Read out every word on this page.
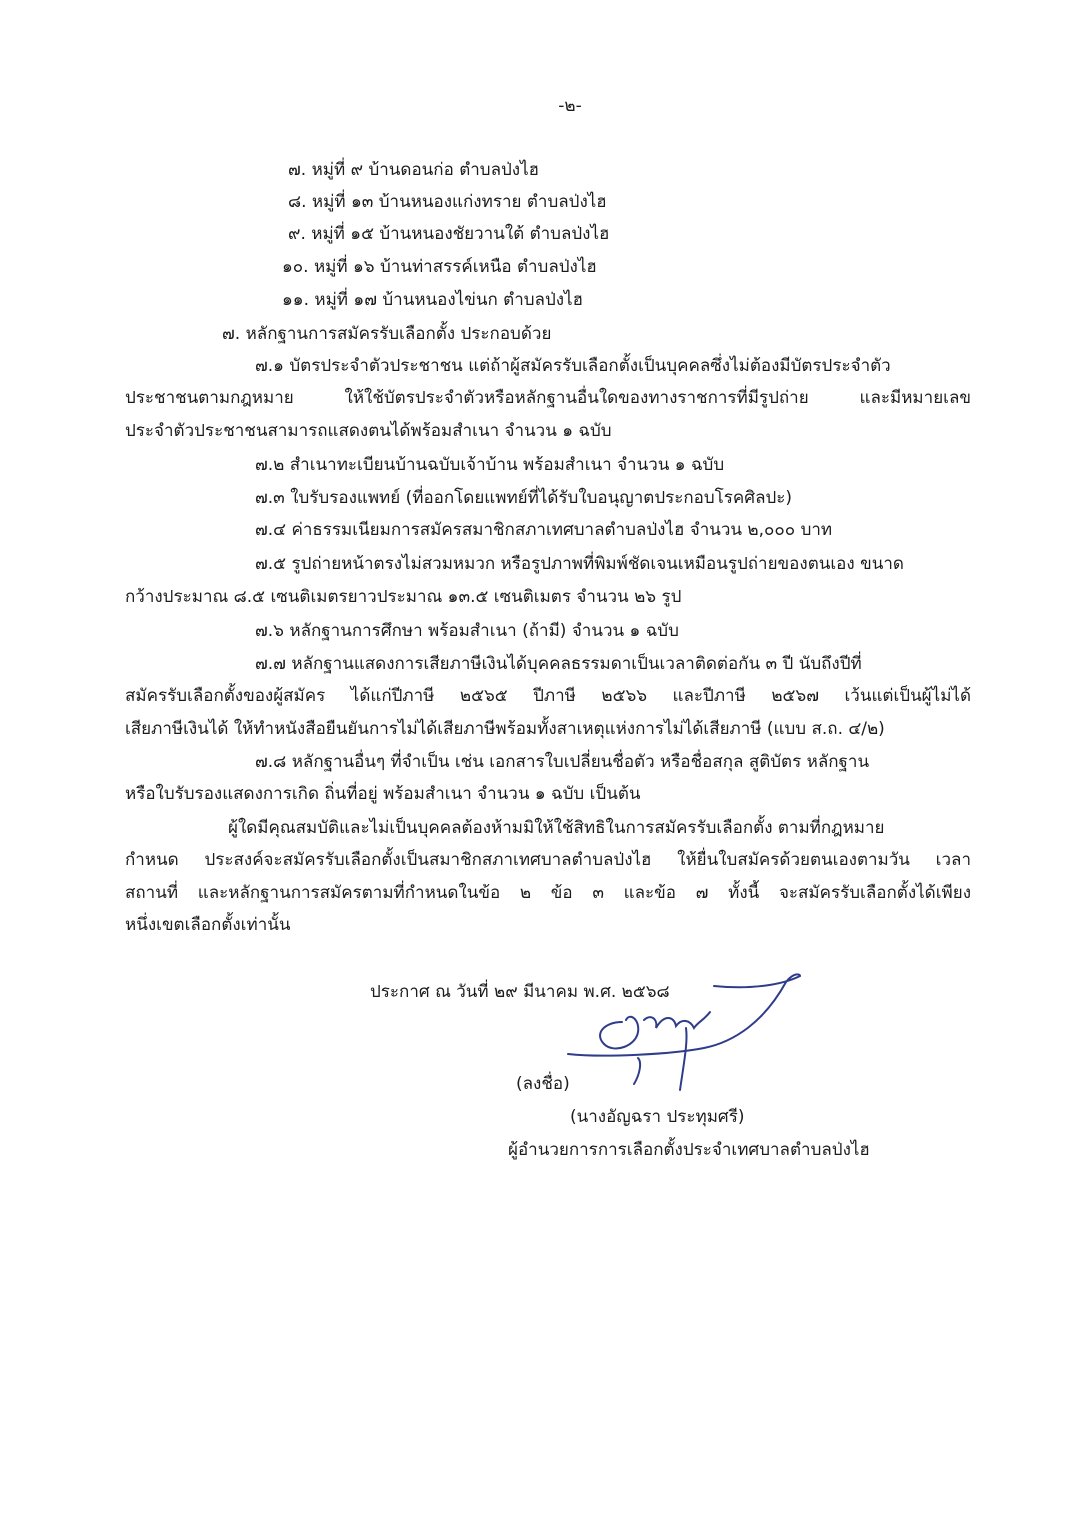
-๒-
๗. หมู่ที่ ๙ บ้านดอนก่อ ตำบลป่งไฮ
๘. หมู่ที่ ๑๓ บ้านหนองแก่งทราย ตำบลป่งไฮ
๙. หมู่ที่ ๑๕ บ้านหนองชัยวานใต้ ตำบลป่งไฮ
๑๐. หมู่ที่ ๑๖ บ้านท่าสรรค์เหนือ ตำบลป่งไฮ
๑๑. หมู่ที่ ๑๗ บ้านหนองไข่นก ตำบลป่งไฮ
๗. หลักฐานการสมัครรับเลือกตั้ง ประกอบด้วย
๗.๑ บัตรประจำตัวประชาชน แต่ถ้าผู้สมัครรับเลือกตั้งเป็นบุคคลซึ่งไม่ต้องมีบัตรประจำตัว
ประชาชนตามกฎหมาย ให้ใช้บัตรประจำตัวหรือหลักฐานอื่นใดของทางราชการที่มีรูปถ่าย และมีหมายเลข
ประจำตัวประชาชนสามารถแสดงตนได้พร้อมสำเนา จำนวน ๑ ฉบับ
๗.๒ สำเนาทะเบียนบ้านฉบับเจ้าบ้าน พร้อมสำเนา จำนวน ๑ ฉบับ
๗.๓ ใบรับรองแพทย์ (ที่ออกโดยแพทย์ที่ได้รับใบอนุญาตประกอบโรคศิลปะ)
๗.๔ ค่าธรรมเนียมการสมัครสมาชิกสภาเทศบาลตำบลป่งไฮ จำนวน ๒,๐๐๐ บาท
๗.๕ รูปถ่ายหน้าตรงไม่สวมหมวก หรือรูปภาพที่พิมพ์ชัดเจนเหมือนรูปถ่ายของตนเอง ขนาด
กว้างประมาณ ๘.๕ เซนติเมตรยาวประมาณ ๑๓.๕ เซนติเมตร จำนวน ๒๖ รูป
๗.๖ หลักฐานการศึกษา พร้อมสำเนา (ถ้ามี) จำนวน ๑ ฉบับ
๗.๗ หลักฐานแสดงการเสียภาษีเงินได้บุคคลธรรมดาเป็นเวลาติดต่อกัน ๓ ปี นับถึงปีที่
สมัครรับเลือกตั้งของผู้สมัคร ได้แก่ปีภาษี ๒๕๖๕ ปีภาษี ๒๕๖๖ และปีภาษี ๒๕๖๗ เว้นแต่เป็นผู้ไม่ได้
เสียภาษีเงินได้ ให้ทำหนังสือยืนยันการไม่ได้เสียภาษีพร้อมทั้งสาเหตุแห่งการไม่ได้เสียภาษี (แบบ ส.ถ. ๔/๒)
๗.๘ หลักฐานอื่นๆ ที่จำเป็น เช่น เอกสารใบเปลี่ยนชื่อตัว หรือชื่อสกุล สูติบัตร หลักฐาน
หรือใบรับรองแสดงการเกิด ถิ่นที่อยู่ พร้อมสำเนา จำนวน ๑ ฉบับ เป็นต้น
ผู้ใดมีคุณสมบัติและไม่เป็นบุคคลต้องห้ามมิให้ใช้สิทธิในการสมัครรับเลือกตั้ง ตามที่กฎหมาย
กำหนด ประสงค์จะสมัครรับเลือกตั้งเป็นสมาชิกสภาเทศบาลตำบลป่งไฮ ให้ยื่นใบสมัครด้วยตนเองตามวัน เวลา
สถานที่ และหลักฐานการสมัครตามที่กำหนดในข้อ ๒ ข้อ ๓ และข้อ ๗ ทั้งนี้ จะสมัครรับเลือกตั้งได้เพียง
หนึ่งเขตเลือกตั้งเท่านั้น
ประกาศ ณ วันที่ ๒๙ มีนาคม พ.ศ. ๒๕๖๘
(ลงชื่อ)
(นางอัญฉรา ประทุมศรี)
ผู้อำนวยการการเลือกตั้งประจำเทศบาลตำบลป่งไฮ
